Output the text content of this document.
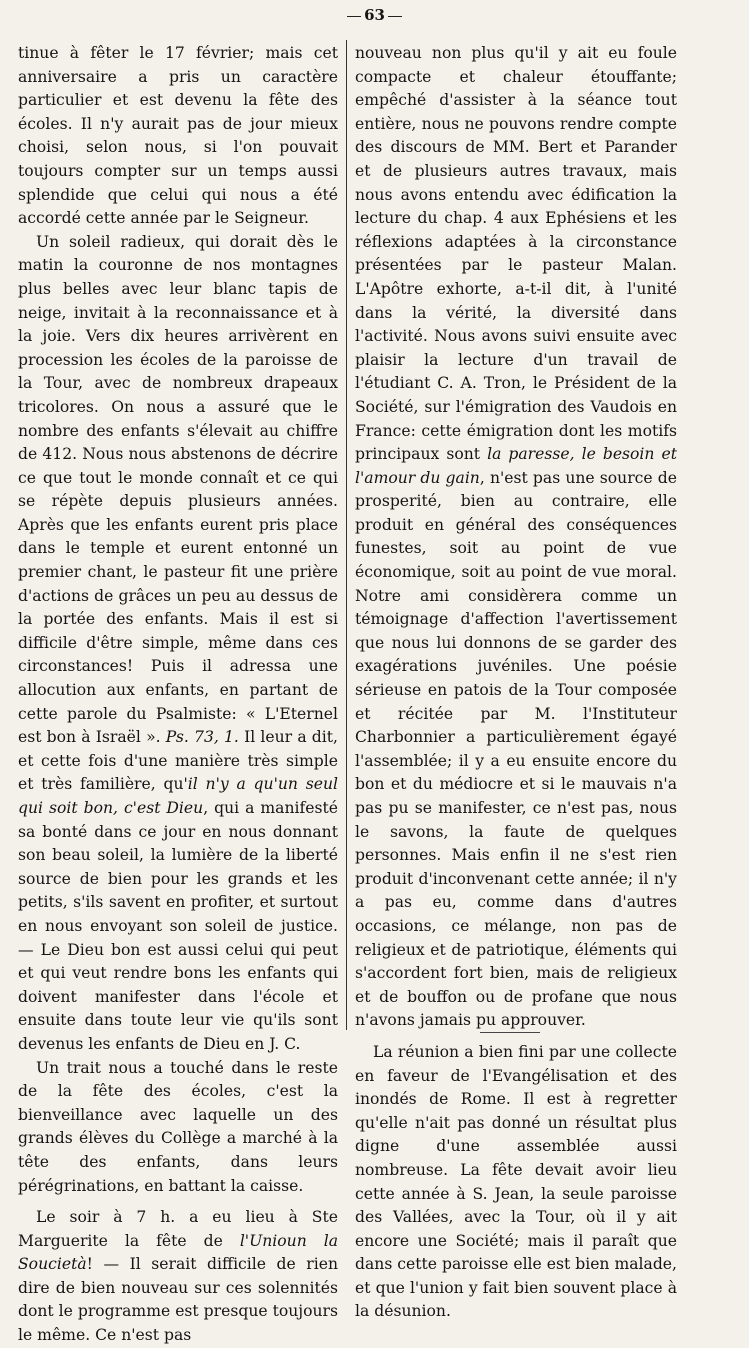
63

tinue à fêter le 17 février; mais cet anniversaire a pris un caractère particulier et est devenu la fête des écoles. Il n'y aurait pas de jour mieux choisi, selon nous, si l'on pouvait toujours compter sur un temps aussi splendide que celui qui nous a été accordé cette année par le Seigneur.

Un soleil radieux, qui dorait dès le matin la couronne de nos montagnes plus belles avec leur blanc tapis de neige, invitait à la reconnaissance et à la joie. Vers dix heures arrivèrent en procession les écoles de la paroisse de la Tour, avec de nombreux drapeaux tricolores. On nous a assuré que le nombre des enfants s'élevait au chiffre de 412. Nous nous abstenons de décrire ce que tout le monde connaît et ce qui se répète depuis plusieurs années. Après que les enfants eurent pris place dans le temple et eurent entonné un premier chant, le pasteur fit une prière d'actions de grâces un peu au dessus de la portée des enfants. Mais il est si difficile d'être simple, même dans ces circonstances! Puis il adressa une allocution aux enfants, en partant de cette parole du Psalmiste: « L'Eternel est bon à Israël ». Ps. 73, 1. Il leur a dit, et cette fois d'une manière très simple et très familière, qu'il n'y a qu'un seul qui soit bon, c'est Dieu, qui a manifesté sa bonté dans ce jour en nous donnant son beau soleil, la lumière de la liberté source de bien pour les grands et les petits, s'ils savent en profiter, et surtout en nous envoyant son soleil de justice. — Le Dieu bon est aussi celui qui peut et qui veut rendre bons les enfants qui doivent manifester dans l'école et ensuite dans toute leur vie qu'ils sont devenus les enfants de Dieu en J. C.

Un trait nous a touché dans le reste de la fête des écoles, c'est la bienveillance avec laquelle un des grands élèves du Collège a marché à la tête des enfants, dans leurs pérégrinations, en battant la caisse.

Le soir à 7 h. a eu lieu à Ste Marguerite la fête de l'Unioun la Soucietà! — Il serait difficile de rien dire de bien nouveau sur ces solennités dont le programme est presque toujours le même. Ce n'est pas

nouveau non plus qu'il y ait eu foule compacte et chaleur étouffante; empêché d'assister à la séance tout entière, nous ne pouvons rendre compte des discours de MM. Bert et Parander et de plusieurs autres travaux, mais nous avons entendu avec édification la lecture du chap. 4 aux Ephésiens et les réflexions adaptées à la circonstance présentées par le pasteur Malan. L'Apôtre exhorte, a-t-il dit, à l'unité dans la vérité, la diversité dans l'activité. Nous avons suivi ensuite avec plaisir la lecture d'un travail de l'étudiant C. A. Tron, le Président de la Société, sur l'émigration des Vaudois en France: cette émigration dont les motifs principaux sont la paresse, le besoin et l'amour du gain, n'est pas une source de prosperité, bien au contraire, elle produit en général des conséquences funestes, soit au point de vue économique, soit au point de vue moral. Notre ami considèrera comme un témoignage d'affection l'avertissement que nous lui donnons de se garder des exagérations juvéniles. Une poésie sérieuse en patois de la Tour composée et récitée par M. l'Instituteur Charbonnier a particulièrement égayé l'assemblée; il y a eu ensuite encore du bon et du médiocre et si le mauvais n'a pas pu se manifester, ce n'est pas, nous le savons, la faute de quelques personnes. Mais enfin il ne s'est rien produit d'inconvenant cette année; il n'y a pas eu, comme dans d'autres occasions, ce mélange, non pas de religieux et de patriotique, éléments qui s'accordent fort bien, mais de religieux et de bouffon ou de profane que nous n'avons jamais pu approuver.

La réunion a bien fini par une collecte en faveur de l'Evangélisation et des inondés de Rome. Il est à regretter qu'elle n'ait pas donné un résultat plus digne d'une assemblée aussi nombreuse. La fête devait avoir lieu cette année à S. Jean, la seule paroisse des Vallées, avec la Tour, où il y ait encore une Société; mais il paraît que dans cette paroisse elle est bien malade, et que l'union y fait bien souvent place à la désunion.
